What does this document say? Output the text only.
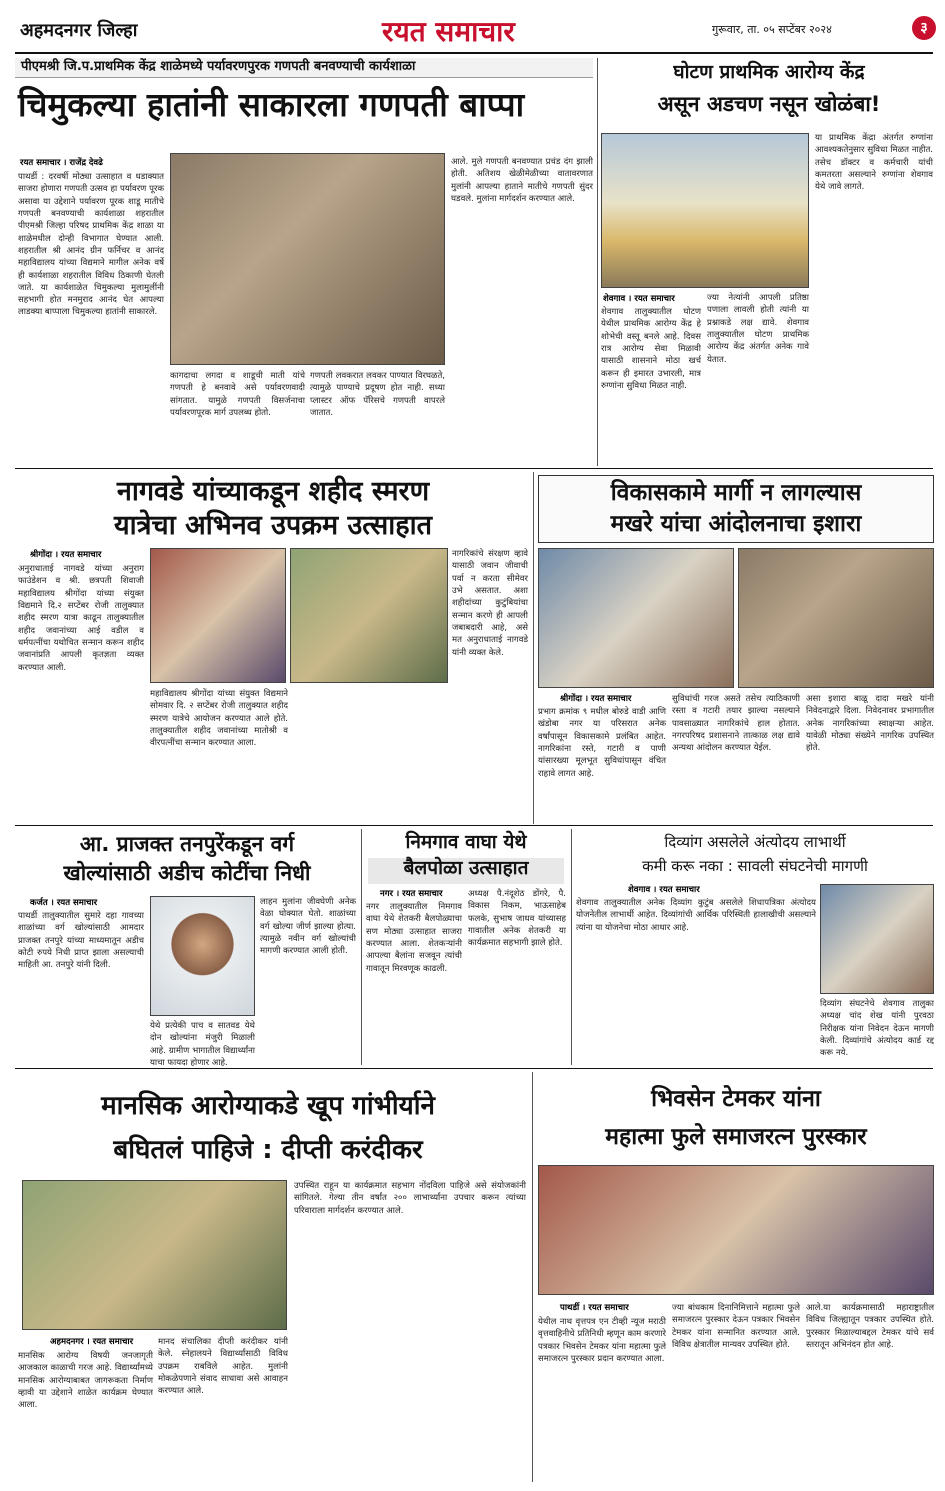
अहमदनगर जिल्हा	रयत समाचार	गुरूवार, ता. ०५ सप्टेंबर २०२४	३
पीएमश्री जि.प.प्राथमिक केंद्र शाळेमध्ये पर्यावरणपुरक गणपती बनवण्याची कार्यशाळा
चिमुकल्या हातांनी साकारला गणपती बाप्पा
रयत समाचार । राजेंद्र देवढे
पाथर्डी : दरवर्षी मोठ्या उत्साहात व धडाक्यात साजरा होणारा गणपती उत्सव हा पर्यावरण पूरक असावा या उद्देशाने पर्यावरण पूरक शाडू मातीचे गणपती बनवण्याची कार्यशाळा शहरातील पीएमश्री जिल्हा परिषद प्राथमिक केंद्र शाळा या शाळेमधील दोन्ही विभागात घेण्यात आली. शहरातील श्री आनंद ग्रीन फर्निचर व आनंद महाविद्यालय यांच्या विद्यमाने मागील अनेक वर्षे ही कार्यशाळा शहरातील विविध ठिकाणी घेतली जाते. या कार्यशाळेत चिमुकल्या मुलामुलींनी सहभागी होत मनमुराद आनंद घेत आपल्या लाडक्या बाप्पाला चिमुकल्या हातांनी साकारले.
कागदाचा लगदा व शाडूची माती यांचे गणपती हे बनवावे असे पर्यावरणवादी सांगतात. यामुळे गणपती विसर्जनाचा पर्यावरणपूरक मार्ग उपलब्ध होतो.
गणपती लवकरात लवकर पाण्यात विरघळते, त्यामुळे पाण्याचे प्रदूषण होत नाही. सध्या प्लास्टर ऑफ पॅरिसचे गणपती वापरले जातात.
आले. मुले गणपती बनवण्यात प्रचंड दंग झाली होती. अतिशय खेळीमेळीच्या वातावरणात मुलांनी आपल्या हाताने मातीचे गणपती सुंदर घडवले. मुलांना मार्गदर्शन करण्यात आले.
घोटण प्राथमिक आरोग्य केंद्र
असून अडचण नसून खोळंबा!
शेवगाव । रयत समाचार
शेवगाव तालुक्यातील घोटण येथील प्राथमिक आरोग्य केंद्र हे शोभेची वस्तू बनले आहे. दिवस रात्र आरोग्य सेवा मिळावी यासाठी शासनाने मोठा खर्च करून ही इमारत उभारली, मात्र रुग्णांना सुविधा मिळत नाही.
ज्या नेत्यांनी आपली प्रतिष्ठा पणाला लावली होती त्यांनी या प्रश्नाकडे लक्ष द्यावे. शेवगाव तालुक्यातील घोटण प्राथमिक आरोग्य केंद्र अंतर्गत अनेक गावे येतात.
या प्राथमिक केंद्रा अंतर्गत रुग्णांना आवश्यकतेनुसार सुविधा मिळत नाहीत. तसेच डॉक्टर व कर्मचारी यांची कमतरता असल्याने रुग्णांना शेवगाव येथे जावे लागते.
नागवडे यांच्याकडून शहीद स्मरण
यात्रेचा अभिनव उपक्रम उत्साहात
श्रीगोंदा । रयत समाचार
अनुराधाताई नागवडे यांच्या अनुराग फाउंडेशन व श्री. छत्रपती शिवाजी महाविद्यालय श्रीगोंदा यांच्या संयुक्त विद्यमाने दि.२ सप्टेंबर रोजी तालुक्यात शहीद स्मरण यात्रा काढून तालुक्यातील शहीद जवानांच्या आई वडील व धर्मपत्नींचा यथोचित सन्मान करून शहीद जवानांप्रति आपली कृतज्ञता व्यक्त करण्यात आली.
महाविद्यालय श्रीगोंदा यांच्या संयुक्त विद्यमाने सोमवार दि. २ सप्टेंबर रोजी तालुक्यात शहीद स्मरण यात्रेचे आयोजन करण्यात आले होते. तालुक्यातील शहीद जवानांच्या मातोश्री व वीरपत्नींचा सन्मान करण्यात आला.
नागरिकांचे संरक्षण व्हावे यासाठी जवान जीवाची पर्वा न करता सीमेवर उभे असतात. अशा शहीदांच्या कुटुंबियांचा सन्मान करणे ही आपली जबाबदारी आहे, असे मत अनुराधाताई नागवडे यांनी व्यक्त केले.
विकासकामे मार्गी न लागल्यास
मखरे यांचा आंदोलनाचा इशारा
श्रीगोंदा । रयत समाचार
प्रभाग क्रमांक ९ मधील बोरुडे वाडी आणि खंडोबा नगर या परिसरात अनेक वर्षांपासून विकासकामे प्रलंबित आहेत. नागरिकांना रस्ते, गटारी व पाणी यांसारख्या मूलभूत सुविधांपासून वंचित राहावे लागत आहे.
सुविधांची गरज असते तसेच त्याठिकाणी रस्ता व गटारी तयार झाल्या नसल्याने पावसाळ्यात नागरिकांचे हाल होतात. नगरपरिषद प्रशासनाने तात्काळ लक्ष द्यावे अन्यथा आंदोलन करण्यात येईल.
असा इशारा बाळू दादा मखरे यांनी निवेदनाद्वारे दिला. निवेदनावर प्रभागातील अनेक नागरिकांच्या स्वाक्षऱ्या आहेत. यावेळी मोठ्या संख्येने नागरिक उपस्थित होते.
आ. प्राजक्त तनपुरेंकडून वर्ग
खोल्यांसाठी अडीच कोटींचा निधी
कर्जत । रयत समाचार
पाथर्डी तालुक्यातील सुमारे दहा गावच्या शाळांच्या वर्ग खोल्यांसाठी आमदार प्राजक्त तनपुरे यांच्या माध्यमातून अडीच कोटी रुपये निधी प्राप्त झाला असल्याची माहिती आ. तनपुरे यांनी दिली.
येथे प्रत्येकी पाच व सातवड येथे दोन खोल्यांना मंजुरी मिळाली आहे. ग्रामीण भागातील विद्यार्थ्यांना याचा फायदा होणार आहे.
लाहन मुलांना जीवघेणी अनेक वेळा घोक्यात घेतो. शाळांच्या वर्ग खोल्या जीर्ण झाल्या होत्या. त्यामुळे नवीन वर्ग खोल्यांची मागणी करण्यात आली होती.
निमगाव वाघा येथे
बैलपोळा उत्साहात
नगर । रयत समाचार
नगर तालुक्यातील निमगाव वाघा येथे शेतकरी बैलपोळ्याचा सण मोठ्या उत्साहात साजरा करण्यात आला. शेतकऱ्यांनी आपल्या बैलांना सजवून त्यांची गावातून मिरवणूक काढली.
अध्यक्ष पै.नंदूशेठ डोंगरे, पै. विकास निकम, भाऊसाहेब फलके, सुभाष जाधव यांच्यासह गावातील अनेक शेतकरी या कार्यक्रमात सहभागी झाले होते.
दिव्यांग असलेले अंत्योदय लाभार्थी
कमी करू नका : सावली संघटनेची मागणी
शेवगाव । रयत समाचार
शेवगाव तालुक्यातील अनेक दिव्यांग कुटुंब असलेले शिधापत्रिका अंत्योदय योजनेतील लाभार्थी आहेत. दिव्यांगांची आर्थिक परिस्थिती हालाखीची असल्याने त्यांना या योजनेचा मोठा आधार आहे.
दिव्यांग संघटनेचे शेवगाव तालुका अध्यक्ष चांद शेख यांनी पुरवठा निरीक्षक यांना निवेदन देऊन मागणी केली. दिव्यांगांचे अंत्योदय कार्ड रद्द करू नये.
मानसिक आरोग्याकडे खूप गांभीर्याने
बघितलं पाहिजे : दीप्ती करंदीकर
अहमदनगर । रयत समाचार
मानसिक आरोग्य विषयी जनजागृती आजकाल काळाची गरज आहे. विद्यार्थ्यांमध्ये मानसिक आरोग्याबाबत जागरूकता निर्माण व्हावी या उद्देशाने शाळेत कार्यक्रम घेण्यात आला.
मानद संचालिका दीप्ती करंदीकर यांनी केले. स्नेहालयने विद्यार्थ्यांसाठी विविध उपक्रम राबविले आहेत. मुलांनी मोकळेपणाने संवाद साधावा असे आवाहन करण्यात आले.
उपस्थित राहून या कार्यक्रमात सहभाग नोंदविला पाहिजे असे संयोजकांनी सांगितले. गेल्या तीन वर्षांत २०० लाभार्थ्यांना उपचार करून त्यांच्या परिवाराला मार्गदर्शन करण्यात आले.
भिवसेन टेमकर यांना
महात्मा फुले समाजरत्न पुरस्कार
पाथर्डी । रयत समाचार
येथील नाथ वृत्तपत्र एन टीव्ही न्यूज मराठी वृत्तवाहिनीचे प्रतिनिधी म्हणून काम करणारे पत्रकार भिवसेन टेमकर यांना महात्मा फुले समाजरत्न पुरस्कार प्रदान करण्यात आला.
ज्या बांधकाम दिनानिमित्ताने महात्मा फुले समाजरत्न पुरस्कार देऊन पत्रकार भिवसेन टेमकर यांना सन्मानित करण्यात आले. विविध क्षेत्रातील मान्यवर उपस्थित होते.
आले.या कार्यक्रमासाठी महाराष्ट्रातील विविध जिल्ह्यातून पत्रकार उपस्थित होते. पुरस्कार मिळाल्याबद्दल टेमकर यांचे सर्व स्तरातून अभिनंदन होत आहे.
